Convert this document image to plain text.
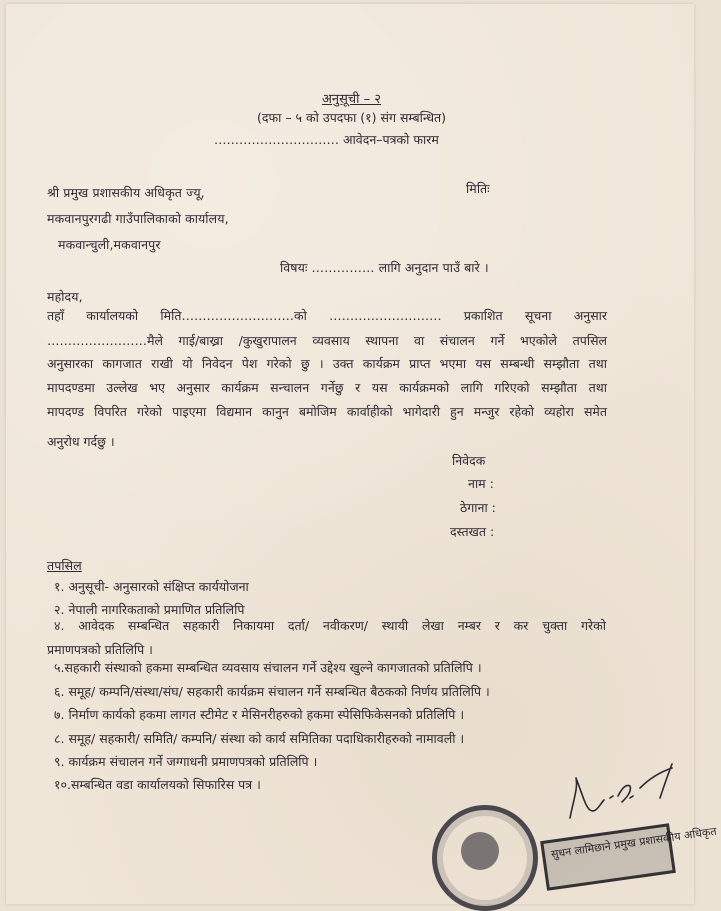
अनुसूची – २
(दफा – ५ को उपदफा (१) संग सम्बन्धित)
………………………… आवेदन–पत्रको फारम
श्री प्रमुख प्रशासकीय अधिकृत ज्यू,	मितिः
मकवानपुरगढी गाउँपालिकाको कार्यालय,
मकवान्चुली,मकवानपुर
विषयः …………… लागि अनुदान पाउँ बारे ।
महोदय,
तहाँ कार्यालयको मिति………………………को ……………………… प्रकाशित सूचना अनुसार
……………………मैले गाई/बाख्रा /कुखुरापालन व्यवसाय स्थापना वा संचालन गर्ने भएकोले तपसिल
अनुसारका कागजात राखी यो निवेदन पेश गरेको छु । उक्त कार्यक्रम प्राप्त भएमा यस सम्बन्धी सम्झौता तथा
मापदण्डमा उल्लेख भए अनुसार कार्यक्रम सन्चालन गर्नेछु र यस कार्यक्रमको लागि गरिएको सम्झौता तथा
मापदण्ड विपरित गरेको पाइएमा विद्यमान कानुन बमोजिम कार्वाहीको भागेदारी हुन मन्जुर रहेको व्यहोरा समेत
अनुरोध गर्दछु ।
निवेदक
नाम :
ठेगाना :
दस्तखत :
तपसिल
१. अनुसूची- अनुसारको संक्षिप्त कार्ययोजना
२. नेपाली नागरिकताको प्रमाणित प्रतिलिपि
४. आवेदक सम्बन्धित सहकारी निकायमा दर्ता/ नवीकरण/ स्थायी लेखा नम्बर र कर चुक्ता गरेको
प्रमाणपत्रको प्रतिलिपि ।
५.सहकारी संस्थाको हकमा सम्बन्धित व्यवसाय संचालन गर्ने उद्देश्य खुल्ने कागजातको प्रतिलिपि ।
६. समूह/ कम्पनि/संस्था/संघ/ सहकारी कार्यक्रम संचालन गर्ने सम्बन्धित बैठकको निर्णय प्रतिलिपि ।
७. निर्माण कार्यको हकमा लागत स्टीमेट र मेसिनरीहरुको हकमा स्पेसिफिकेसनको प्रतिलिपि ।
८. समूह/ सहकारी/ समिति/ कम्पनि/ संस्था को कार्य समितिका पदाधिकारीहरुको नामावली ।
९. कार्यक्रम संचालन गर्ने जग्गाधनी प्रमाणपत्रको प्रतिलिपि ।
१०.सम्बन्धित वडा कार्यालयको सिफारिस पत्र ।
सुधन लामिछाने प्रमुख प्रशासकीय अधिकृत
